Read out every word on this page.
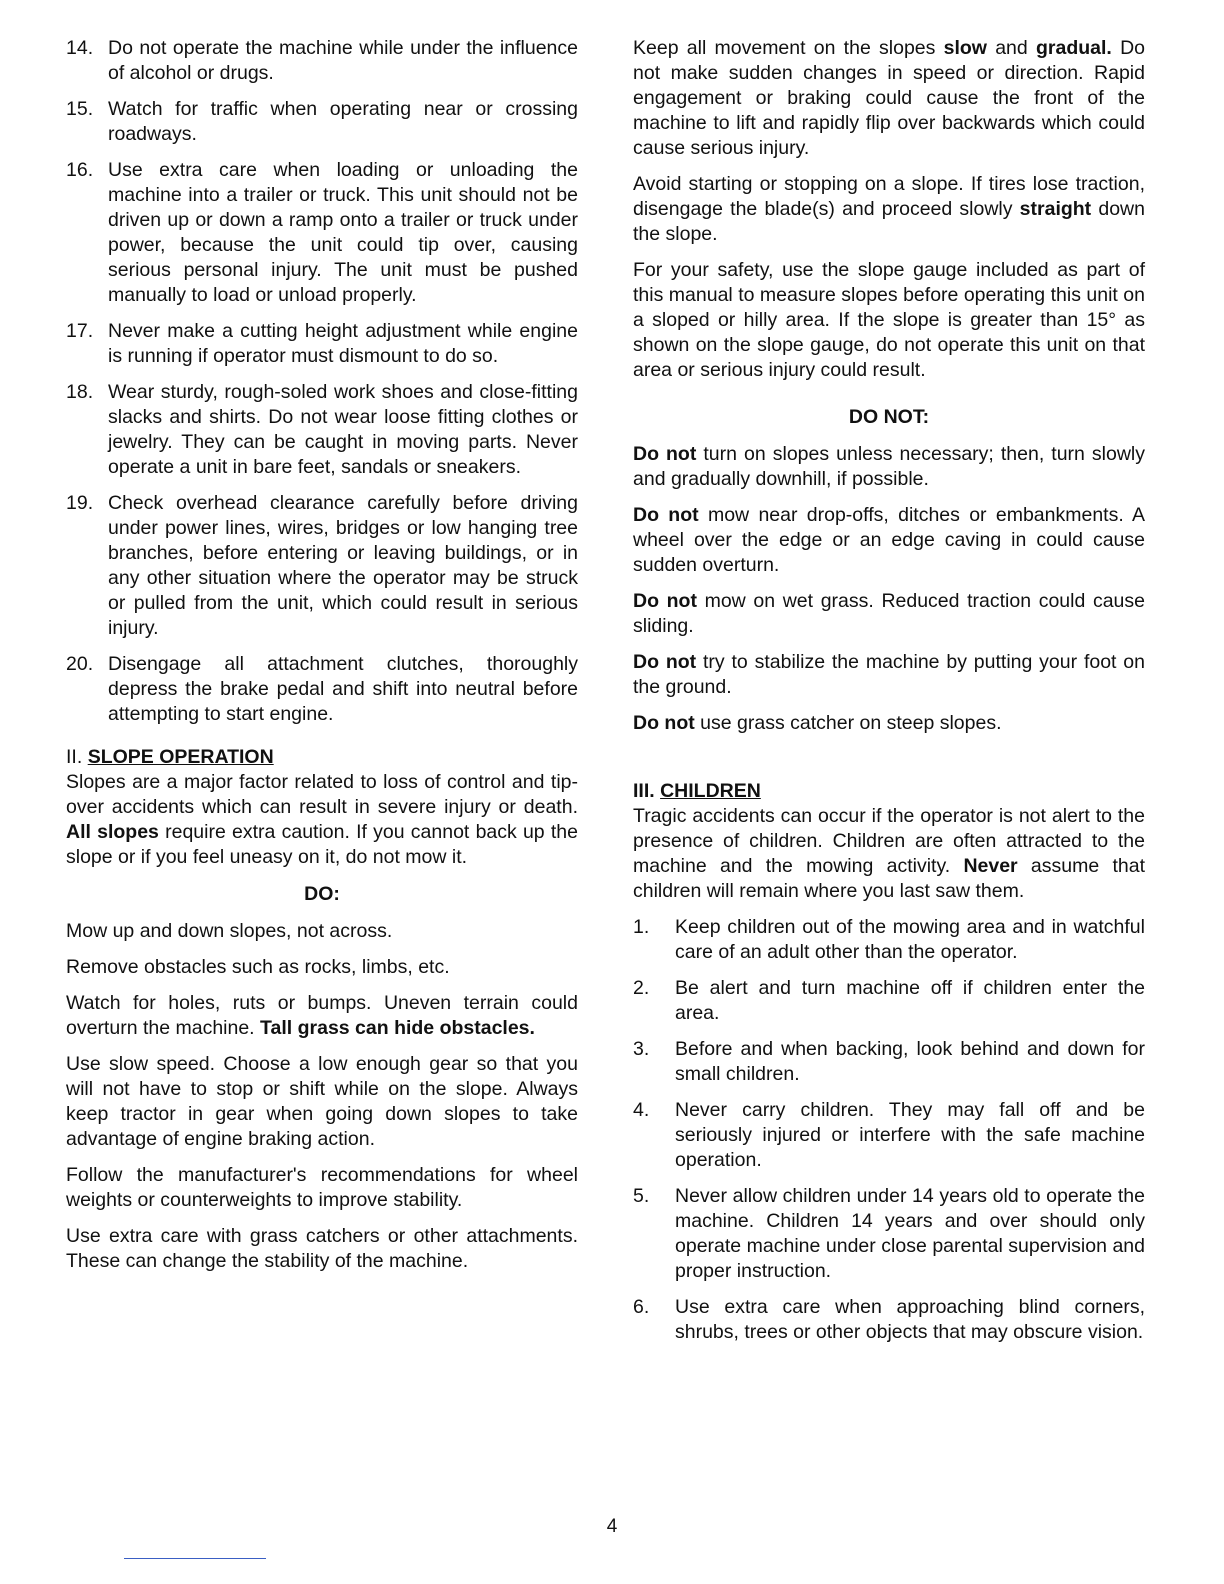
14. Do not operate the machine while under the influence of alcohol or drugs.
15. Watch for traffic when operating near or crossing roadways.
16. Use extra care when loading or unloading the machine into a trailer or truck. This unit should not be driven up or down a ramp onto a trailer or truck under power, because the unit could tip over, causing serious personal injury. The unit must be pushed manually to load or unload properly.
17. Never make a cutting height adjustment while engine is running if operator must dismount to do so.
18. Wear sturdy, rough-soled work shoes and close-fitting slacks and shirts. Do not wear loose fitting clothes or jewelry. They can be caught in moving parts. Never operate a unit in bare feet, sandals or sneakers.
19. Check overhead clearance carefully before driving under power lines, wires, bridges or low hanging tree branches, before entering or leaving buildings, or in any other situation where the operator may be struck or pulled from the unit, which could result in serious injury.
20. Disengage all attachment clutches, thoroughly depress the brake pedal and shift into neutral before attempting to start engine.
II. SLOPE OPERATION

Slopes are a major factor related to loss of control and tip-over accidents which can result in severe injury or death. All slopes require extra caution. If you cannot back up the slope or if you feel uneasy on it, do not mow it.

DO:

Mow up and down slopes, not across.

Remove obstacles such as rocks, limbs, etc.

Watch for holes, ruts or bumps. Uneven terrain could overturn the machine. Tall grass can hide obstacles.

Use slow speed. Choose a low enough gear so that you will not have to stop or shift while on the slope. Always keep tractor in gear when going down slopes to take advantage of engine braking action.

Follow the manufacturer's recommendations for wheel weights or counterweights to improve stability.

Use extra care with grass catchers or other attachments. These can change the stability of the machine.

Keep all movement on the slopes slow and gradual. Do not make sudden changes in speed or direction. Rapid engagement or braking could cause the front of the machine to lift and rapidly flip over backwards which could cause serious injury.

Avoid starting or stopping on a slope. If tires lose traction, disengage the blade(s) and proceed slowly straight down the slope.

For your safety, use the slope gauge included as part of this manual to measure slopes before operating this unit on a sloped or hilly area. If the slope is greater than 15° as shown on the slope gauge, do not operate this unit on that area or serious injury could result.

DO NOT:

Do not turn on slopes unless necessary; then, turn slowly and gradually downhill, if possible.

Do not mow near drop-offs, ditches or embankments. A wheel over the edge or an edge caving in could cause sudden overturn.

Do not mow on wet grass. Reduced traction could cause sliding.

Do not try to stabilize the machine by putting your foot on the ground.

Do not use grass catcher on steep slopes.

III. CHILDREN

Tragic accidents can occur if the operator is not alert to the presence of children. Children are often attracted to the machine and the mowing activity. Never assume that children will remain where you last saw them.

1.	Keep children out of the mowing area and in watchful care of an adult other than the operator.
2.	Be alert and turn machine off if children enter the area.
3.	Before and when backing, look behind and down for small children.
4.	Never carry children. They may fall off and be seriously injured or interfere with the safe machine operation.
5.	Never allow children under 14 years old to operate the machine. Children 14 years and over should only operate machine under close parental supervision and proper instruction.
6.	Use extra care when approaching blind corners, shrubs, trees or other objects that may obscure vision.
4
